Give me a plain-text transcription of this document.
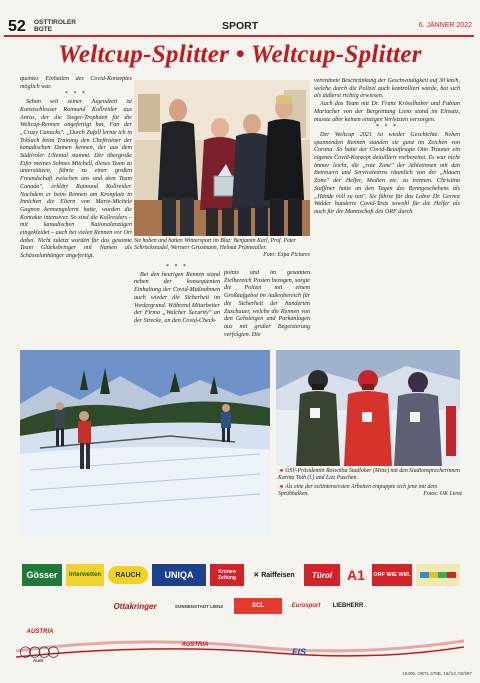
52 OSTTIROLER
BOTE	SPORT	6. JÄNNER 2022
Weltcup-Splitter • Weltcup-Splitter

quentes Einhalten des Covid-Konzeptes möglich war.

* * *

Schon seit seiner Jugendzeit ist Kunstschlosser Raimund Kollreider aus Anras, der die Sieger-Trophäen für die Weltcup-Rennen angefertigt hat, Fan der „Crazy Canucks". „Durch Zufall lernte ich in Toblach beim Training den Cheftrainer der kanadischen Damen kennen, der aus dem Südtiroler Ultental stammt. Der übergroße Eifer meines Sohnes Mitchell, dieses Team zu unterstützen, führte zu einer großen Freundschaft zwischen uns und dem Team Canada", erklärt Raimund Kollreider. Nachdem er beim Rennen am Kronplatz in Innichen die Eltern von Marie-Michele Gagnon kennengelernt hatte, wurden die Kontakte intensiver. So sind die Kollreiders – mit kanadischen Nationalanzügen eingekleidet – auch bei vielen Rennen vor Ort dabei. Nicht zuletzt wurden für das gesamte Team Glücksbringer mit Namen als Schüsselanhänger angefertigt.

Sie haben und hatten Wintersport im Blut: Benjamin Karl, Prof. Peter Schröcksnadel, Wernerr Grissmann, Helmut Prämstaller.
Foto: Expa Pictures

* * *

Bei den heurigen Rennen stand neben der konsequenten Einhaltung der Covid-Maßnahmen auch wieder die Sicherheit im Vordergrund. Während Mitarbeiter der Firma „Walcher Security" an der Strecke, an den Covid-Check-

points und im gesamten Zielbereich Posten bezogen, sorgte die Polizei mit einem Großaufgebot im Außenbereich für die Sicherheit der hunderten Zuschauer, welche die Rennen von den Gehsteigen und Parkanlagen aus mit großer Begeisterung verfolgten. Die

verordnete Beschränkung der Geschwindigkeit auf 30 km/h, welche durch die Polizei auch kontrolliert wurde, hat sich als äußerst richtig erwiesen.

Auch das Team mit Dr. Franz Krösslhuber und Fabian Mariacher von der Bergrettung Lienz stand im Einsatz, musste aber keinen einzigen Verletzten versorgen.

* * *

Der Weltcup 2021 ist wieder Geschichte. Neben spannenden Rennen standen sie ganz im Zeichen von Corona. So hatte der Covid-Beauftragte Otto Trauner ein eigenes Covid-Konzept detailliert vorbereitet. Es war nicht immer leicht, die „rote Zone" der Athletinnen mit den Betreuern und Servicetearns räumlich von der „blauen Zone" der Helfer, Medien etc. zu trennen. Christina Stafflner hatte an den Tagen des Renngeschehens als „Hände voll zu tun". Sie führte für das Labor Dr. Gernot Walder hunderte Covid-Tests sowohl für die Helfer als auch für die Mannschaft des ORF durch.

◄ ÖSV-Präsidentin Roswitha Stadlober (Mitte) mit den Stadionsprecherinnen Karina Toth (l.) und Lizz Puschen.

◄ Als eine der zeitintensivsten Arbeiten entpuppte sich jene mit dem Sprühbalken.	Fotos: OK Lienz

Gösser	Interwetten	RAUCH	UNIQA	Kronen Zeitung	✕ Raiffeisen	Türol	A1	ORF WIE WIR.
Ottakringer	SONNENSTADT LIENZ	SCL	Eurosport	LIEBHERR
AUSTRIA
AUSTRIA
◯◯◯◯
Audi
FIS
18406, OBTL 478B, 16//13, 02/087
